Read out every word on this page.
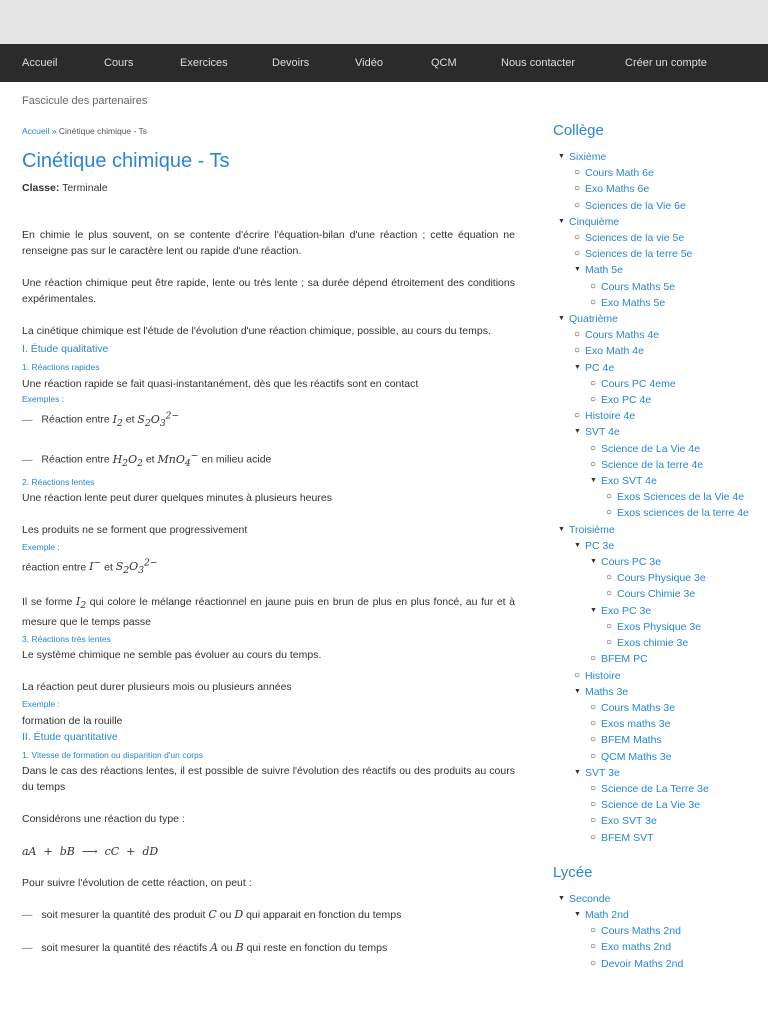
Accueil	Cours	Exercices	Devoirs	Vidéo	QCM	Nous contacter	Créer un compte
Fascicule des partenaires
Accueil » Cinétique chimique - Ts
Cinétique chimique - Ts
Classe: Terminale

En chimie le plus souvent, on se contente d'écrire l'équation-bilan d'une réaction ; cette équation ne renseigne pas sur le caractère lent ou rapide d'une réaction.

Une réaction chimique peut être rapide, lente ou très lente ; sa durée dépend étroitement des conditions expérimentales.

La cinétique chimique est l'étude de l'évolution d'une réaction chimique, possible, au cours du temps.

I. Étude qualitative
1. Réactions rapides

Une réaction rapide se fait quasi-instantanément, dès que les réactifs sont en contact

Exemples :

— Réaction entre $I_2$ et $S_2O_3^{2-}$

— Réaction entre $H_2O_2$ et MnO$_4$− en milieu acide

2. Réactions lentes

Une réaction lente peut durer quelques minutes à plusieurs heures

Les produits ne se forment que progressivement

Exemple :

réaction entre I− et $S_2O_3^{2-}$

Il se forme $I_2$ qui colore le mélange réactionnel en jaune puis en brun de plus en plus foncé, au fur et à mesure que le temps passe

3. Réactions très lentes

Le système chimique ne semble pas évoluer au cours du temps.

La réaction peut durer plusieurs mois ou plusieurs années

Exemple :

formation de la rouille

II. Étude quantitative
1. Vitesse de formation ou disparition d'un corps

Dans le cas des réactions lentes, il est possible de suivre l'évolution des réactifs ou des produits au cours du temps

Considérons une réaction du type :

aA  +  bB  ⟶  cC  +  dD

Pour suivre l'évolution de cette réaction, on peut :

— soit mesurer la quantité des produit C ou D qui apparait en fonction du temps

— soit mesurer la quantité des réactifs A ou B qui reste en fonction du temps

Collège
▼ Sixième
○ Cours Math 6e
○ Exo Maths 6e
○ Sciences de la Vie 6e
▼ Cinquième
○ Sciences de la vie 5e
○ Sciences de la terre 5e
▼ Math 5e
○ Cours Maths 5e
○ Exo Maths 5e
▼ Quatrième
○ Cours Maths 4e
○ Exo Math 4e
▼ PC 4e
○ Cours PC 4eme
○ Exo PC 4e
○ Histoire 4e
▼ SVT 4e
○ Science de La Vie 4e
○ Science de la terre 4e
▼ Exo SVT 4e
○ Exos Sciences de la Vie 4e
○ Exos sciences de la terre 4e
▼ Troisième
▼ PC 3e
▼ Cours PC 3e
○ Cours Physique 3e
○ Cours Chimie 3e
▼ Exo PC 3e
○ Exos Physique 3e
○ Exos chimie 3e
○ BFEM PC
○ Histoire
▼ Maths 3e
○ Cours Maths 3e
○ Exos maths 3e
○ BFEM Maths
○ QCM Maths 3e
▼ SVT 3e
○ Science de La Terre 3e
○ Science de La Vie 3e
○ Exo SVT 3e
○ BFEM SVT
Lycée
▼ Seconde
▼ Math 2nd
○ Cours Maths 2nd
○ Exo maths 2nd
○ Devoir Maths 2nd
